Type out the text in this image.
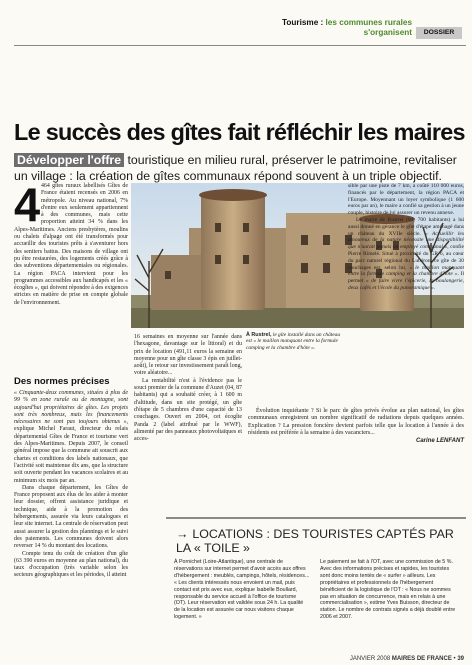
Tourisme : les communes rurales s'organisent	DOSSIER
Le succès des gîtes fait réfléchir les maires
Développer l'offre touristique en milieu rural, préserver le patrimoine, revitaliser un village : la création de gîtes communaux répond souvent à un triple objectif.
À Rustrel, le gîte installé dans un château est « le maillon manquant entre la formule camping et la chambre d'hôte ».
4 464 gîtes ruraux labellisés Gîtes de France étaient recensés en 2006 en métropole. Au niveau national, 7% d'entre eux seulement appartiennent à des communes, mais cette proportion atteint 34 % dans les Alpes-Maritimes. Anciens presbytères, moulins ou chalets d'alpage ont été transformés pour accueillir des touristes prêts à s'aventurer hors des sentiers battus. Des maisons de village ont pu être restaurées, des logements créés grâce à des subventions départementales ou régionales. La région PACA intervient pour les programmes accessibles aux handicapés et les « écogîtes », qui doivent répondre à des exigences strictes en matière de prise en compte globale de l'environnement.
Des normes précises

« Cinquante-deux communes, situées à plus de 99 % en zone rurale ou de montagne, sont aujourd'hui propriétaires de gîtes. Les projets sont très nombreux, mais les financements nécessaires ne sont pas toujours obtenus », explique Michel Faraut, directeur du relais départemental Gîtes de France et tourisme vert des Alpes-Maritimes. Depuis 2007, le conseil général impose que la commune ait souscrit aux chartes et conditions des labels nationaux, que l'activité soit maintenue dix ans, que la structure soit ouverte pendant les vacances scolaires et au minimum six mois par an.

Dans chaque département, les Gîtes de France proposent aux élus de les aider à monter leur dossier, offrent assistance juridique et technique, aide à la promotion des hébergements, assurée via leurs catalogues et leur site internet. La centrale de réservation peut aussi assurer la gestion des plannings et le suivi des paiements. Les communes doivent alors reverser 14 % du montant des locations.

Compte tenu du coût de création d'un gîte (63 390 euros en moyenne au plan national), du taux d'occupation (très variable selon les secteurs géographiques et les périodes, il atteint

16 semaines en moyenne sur l'année dans l'hexagone, davantage sur le littoral) et du prix de location (491,11 euros la semaine en moyenne pour un gîte classe 3 épis en juillet-août), le retour sur investissement paraît long, voire aléatoire...

La rentabilité n'est à l'évidence pas le souci premier de la commune d'Auzet (04, 87 habitants) qui a souhaité créer, à 1 600 m d'altitude, dans un site protégé, un gîte d'étape de 5 chambres d'une capacité de 13 couchages. Ouvert en 2004, cet écogîte Panda 2 (label attribué par le WWF), alimenté par des panneaux photovoltaïques et acces-

sible par une piste de 7 km, a coûté 110 000 euros, financés par le département, la région PACA et l'Europe. Moyennant un loyer symbolique (1 600 euros par an), le maire a confié sa gestion à un jeune couple, histoire de lui assurer un revenu annexe.

Le maire de Rustrel (84, 700 habitants) a lui aussi donné en gérance le gîte d'étape aménagé dans un château du XVIIe siècle. « Accueillir les amoureux de la nature nécessite une disponibilité que n'aurait jamais un employé communal », confie Pierre Rimelé. Situé à proximité du GR 6, au cœur du parc naturel régional du Lubéron, ce gîte de 30 couchages est, selon lui, « le maillon manquant entre la formule camping et la chambre d'hôte ». Il permet « de faire vivre l'épicerie, la boulangerie, deux cafés et l'école du panoramique ».

Évolution inquiétante ? Si le parc de gîtes privés évolue au plan national, les gîtes communaux enregistrent un nombre significatif de radiations depuis quelques années. Explication ? La pression foncière devient parfois telle que la location à l'année à des résidents est préférée à la semaine à des vacanciers...

Carine LENFANT

→ LOCATIONS : DES TOURISTES CAPTÉS PAR LA « TOILE »
À Pornichet (Loire-Atlantique), une centrale de réservations sur internet permet d'avoir accès aux offres d'hébergement : meublés, campings, hôtels, résidences... « Les clients intéressés nous envoient un mail, puis contact est pris avec eux, explique Isabelle Boullard, responsable du service accueil à l'office de tourisme (OT). Leur réservation est validée sous 24 h. La qualité de la location est assurée car nous visitons chaque logement. »
Le paiement se fait à l'OT, avec une commission de 5 %. Avec des informations précises et rapides, les touristes sont donc moins tentés de « surfer » ailleurs. Les propriétaires et professionnels de l'hébergement bénéficient de la logistique de l'OT : « Nous ne sommes pas en situation de concurrence, mais en relais à une commercialisation », estime Yves Buisson, directeur de station. Le nombre de contrats signés a déjà doublé entre 2006 et 2007.
JANVIER 2008 MAIRES DE FRANCE • 39
